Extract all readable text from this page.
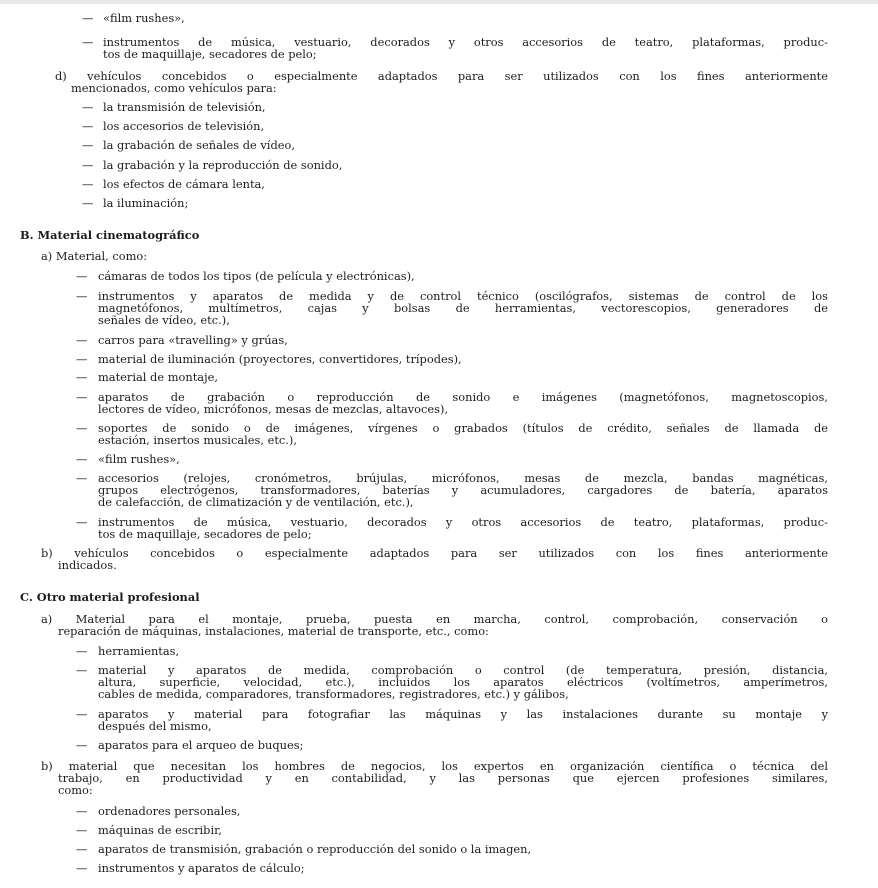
— «film rushes»,
— instrumentos de música, vestuario, decorados y otros accesorios de teatro, plataformas, produc-
tos de maquillaje, secadores de pelo;
d) vehículos concebidos o especialmente adaptados para ser utilizados con los fines anteriormente
mencionados, como vehículos para:
— la transmisión de televisión,
— los accesorios de televisión,
— la grabación de señales de vídeo,
— la grabación y la reproducción de sonido,
— los efectos de cámara lenta,
— la iluminación;
B. Material cinematográfico
a) Material, como:
— cámaras de todos los tipos (de película y electrónicas),
— instrumentos y aparatos de medida y de control técnico (oscilógrafos, sistemas de control de los
magnetófonos, multímetros, cajas y bolsas de herramientas, vectorescopios, generadores de
señales de vídeo, etc.),
— carros para «travelling» y grúas,
— material de iluminación (proyectores, convertidores, trípodes),
— material de montaje,
— aparatos de grabación o reproducción de sonido e imágenes (magnetófonos, magnetoscopios,
lectores de vídeo, micrófonos, mesas de mezclas, altavoces),
— soportes de sonido o de imágenes, vírgenes o grabados (títulos de crédito, señales de llamada de
estación, insertos musicales, etc.),
— «film rushes»,
— accesorios (relojes, cronómetros, brújulas, micrófonos, mesas de mezcla, bandas magnéticas,
grupos electrógenos, transformadores, baterías y acumuladores, cargadores de batería, aparatos
de calefacción, de climatización y de ventilación, etc.),
— instrumentos de música, vestuario, decorados y otros accesorios de teatro, plataformas, produc-
tos de maquillaje, secadores de pelo;
b) vehículos concebidos o especialmente adaptados para ser utilizados con los fines anteriormente
indicados.
C. Otro material profesional
a) Material para el montaje, prueba, puesta en marcha, control, comprobación, conservación o
reparación de máquinas, instalaciones, material de transporte, etc., como:
— herramientas,
— material y aparatos de medida, comprobación o control (de temperatura, presión, distancia,
altura, superficie, velocidad, etc.), incluidos los aparatos eléctricos (voltímetros, amperímetros,
cables de medida, comparadores, transformadores, registradores, etc.) y gálibos,
— aparatos y material para fotografiar las máquinas y las instalaciones durante su montaje y
después del mismo,
— aparatos para el arqueo de buques;
b) material que necesitan los hombres de negocios, los expertos en organización científica o técnica del
trabajo, en productividad y en contabilidad, y las personas que ejercen profesiones similares,
como:
— ordenadores personales,
— máquinas de escribir,
— aparatos de transmisión, grabación o reproducción del sonido o la imagen,
— instrumentos y aparatos de cálculo;
